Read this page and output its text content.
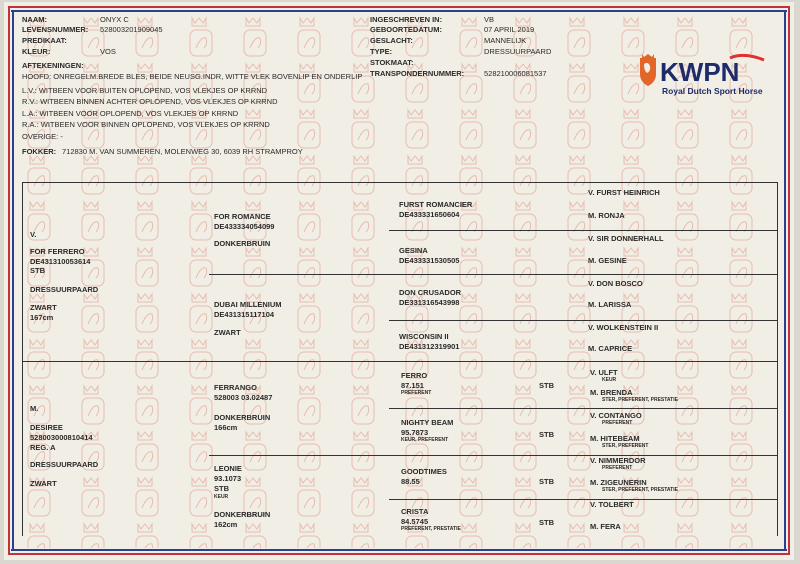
NAAM:	ONYX C
LEVENSNUMMER: 528003201909045
PREDIKAAT:
KLEUR:	VOS
INGESCHREVEN IN:	VB
GEBOORTEDATUM:	07 APRIL 2019
GESLACHT:	MANNELIJK
TYPE:	DRESSUURPAARD
STOKMAAT:
TRANSPONDERNUMMER:	528210006081537
AFTEKENINGEN:
HOOFD: ONREGELM.BREDE BLES, BEIDE NEUSG.INDR, WITTE VLEK BOVENLIP EN ONDERLIP
L.V.: WITBEEN VOOR BUITEN OPLOPEND, VOS VLEKJES OP KRRND
R.V.: WITBEEN BINNEN ACHTER OPLOPEND, VOS VLEKJES OP KRRND
L.A.: WITBEEN VOOR OPLOPEND, VOS VLEKJES OP KRRND
R.A.: WITBEEN VOOR BINNEN OPLOPEND, VOS VLEKJES OP KRRND
OVERIGE: -
FOKKER: 712830 M. VAN SUMMEREN, MOLENWEG 30, 6039 RH STRAMPROY
KWPN
Royal Dutch Sport Horse
V.
FOR FERRERO
DE431310053614
STB
DRESSUURPAARD
ZWART
167cm
M.
DESIREE
528003000810414
REG. A
DRESSUURPAARD
ZWART
FOR ROMANCE
DE433334054099
DONKERBRUIN
DUBAI MILLENIUM
DE431315117104
ZWART
FERRANGO
528003 03.02487
DONKERBRUIN
166cm
LEONIE
93.1073
STB
KEUR
DONKERBRUIN
162cm
FURST ROMANCIER
DE433331650604
GESINA
DE433331530505
DON CRUSADOR
DE331316543998
WISCONSIN II
DE431312319901
FERRO
87.151
PREFERENT
STB
NIGHTY BEAM
95.7873
KEUR, PREFERENT
STB
GOODTIMES
88.55	STB
CRISTA
84.5745
PREFERENT, PRESTATIE
STB
V. FURST HEINRICH
M. RONJA
V. SIR DONNERHALL
M. GESINE
V. DON BOSCO
M. LARISSA
V. WOLKENSTEIN II
M. CAPRICE
V. ULFT
KEUR
M. BRENDA
STER, PREFERENT, PRESTATIE
V. CONTANGO
PREFERENT
M. HITEBEAM
STER, PREFERENT
V. NIMMERDOR
PREFERENT
M. ZIGEUNERIN
STER, PREFERENT, PRESTATIE
V. TOLBERT
M. FERA
